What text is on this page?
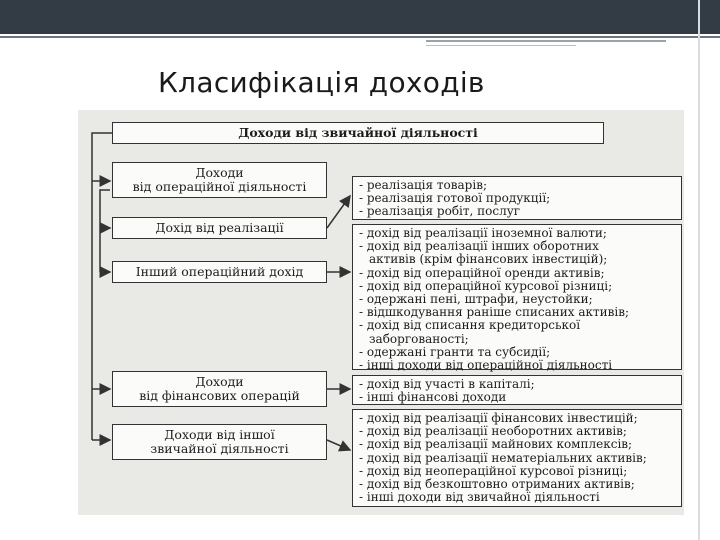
Класифікація доходів
Доходи від звичайної діяльності
Доходи
від операційної діяльності
Дохід від реалізації
Інший операційний дохід
Доходи
від фінансових операцій
Доходи від іншої
звичайної діяльності
- реалізація товарів;
- реалізація готової продукції;
- реалізація робіт, послуг
- дохід від реалізації іноземної валюти;
- дохід від реалізації інших оборотних
активів (крім фінансових інвестицій);
- дохід від операційної оренди активів;
- дохід від операційної курсової різниці;
- одержані пені, штрафи, неустойки;
- відшкодування раніше списаних активів;
- дохід від списання кредиторської
заборгованості;
- одержані гранти та субсидії;
- інші доходи від операційної діяльності
- дохід від участі в капіталі;
- інші фінансові доходи
- дохід від реалізації фінансових інвестицій;
- дохід від реалізації необоротних активів;
- дохід від реалізації майнових комплексів;
- дохід від реалізації нематеріальних активів;
- дохід від неопераційної курсової різниці;
- дохід від безкоштовно отриманих активів;
- інші доходи від звичайної діяльності
